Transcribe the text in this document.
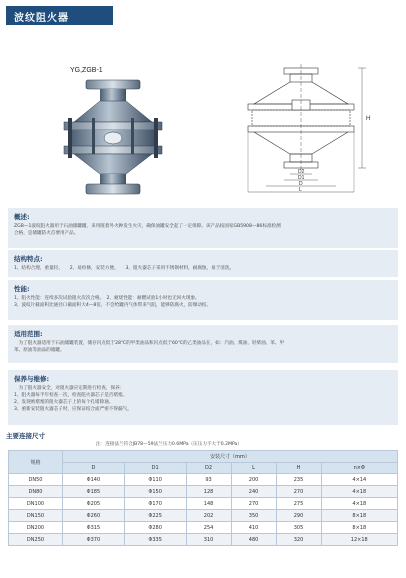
波纹阻火器
YG,ZGB-1
H
D2
D1
D
L
概述:
ZGB—1波纹阻火器用于石油储罐罐，来用既着外火种发生火灾，确保油罐安全起了一定保障。该产品按国家GB5908—86标准检测
合格，是储罐防火首要用产品。
结构特点:
1、结构合理，重量轻。　　2、易检修，安装方便。　　3、阻火器芯子采用不锈钢材料，耐腐蚀，易于清洗。
性能:
1、阻火性能：连续多次试验阻火次次合格。　2、耐烧性能：耐燃试验1小时也无回火现象。
3、波纹片截面积比通径口截面积大4—8倍，不会给罐内气体带来气阻，能够防腐火，防爆动结。
适用范围:
　为了阻火器适用于石油储罐装置，储存闪点低于28℃的甲类油品和闪点低于60℃的乙类油品在，如：汽油、煤油、轻柴油、苯、甲
苯、原油等油品的储罐。
保养与维修:
　为了阻火器安全，对阻火器应定期进行检查，保养：
1、阻火器每半年检查一次，检查阻火器芯子是否堵塞。
2、发现被堵塞的阻火器芯子上的每个孔堵除通。
3、重新安装阻火器芯子时，应保证结合面严密不得漏气。
主要连接尺寸
注：连接法兰符合JB78—59法兰压力0.6MPa（压压力不大于0.2MPa）
规格	安装尺寸（mm）					
	D	D1	D2	L	H	n×Φ
DN50	Φ140	Φ110	93	200	235	4×14
DN80	Φ185	Φ150	128	240	270	4×18
DN100	Φ205	Φ170	148	270	275	4×18
DN150	Φ260	Φ225	202	350	290	8×18
DN200	Φ315	Φ280	254	410	305	8×18
DN250	Φ370	Φ335	310	480	320	12×18
